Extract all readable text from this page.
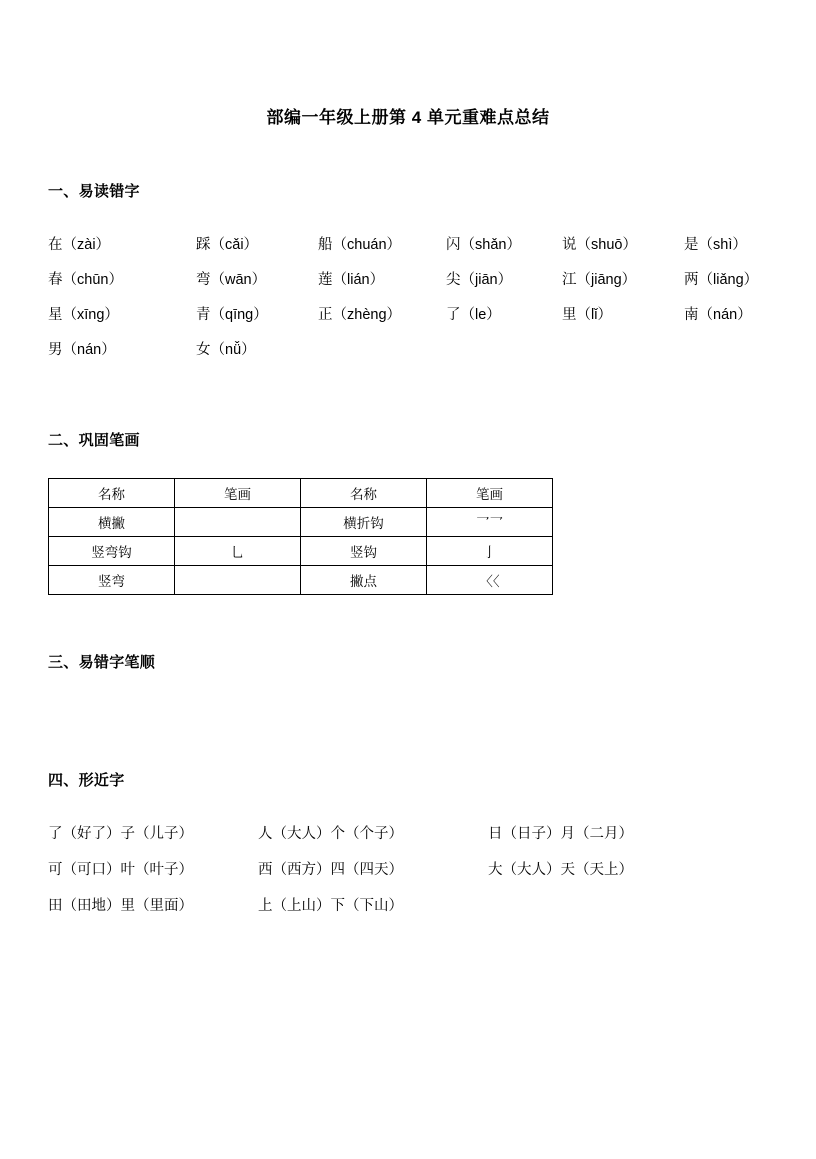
部编一年级上册第 4 单元重难点总结
一、易读错字
在（zài）	踩（cǎi）	船（chuán）	闪（shǎn）	说（shuō）	是（shì）
春（chūn）	弯（wān）	莲（lián）	尖（jiān）	江（jiāng）	两（liǎng）
星（xīng）	青（qīng）	正（zhèng）	了（le）	里（lǐ）	南（nán）
男（nán）	女（nǚ）				
二、巩固笔画
名称	笔画	名称	笔画
横撇		横折钩	乛乛
竖弯钩	乚	竖钩	亅
竖弯		撇点	〈〈
三、易错字笔顺
四、形近字
了（好了）子（儿子）	人（大人）个（个子）	日（日子）月（二月）
可（可口）叶（叶子）	西（西方）四（四天）	大（大人）天（天上）
田（田地）里（里面）	上（上山）下（下山）	
